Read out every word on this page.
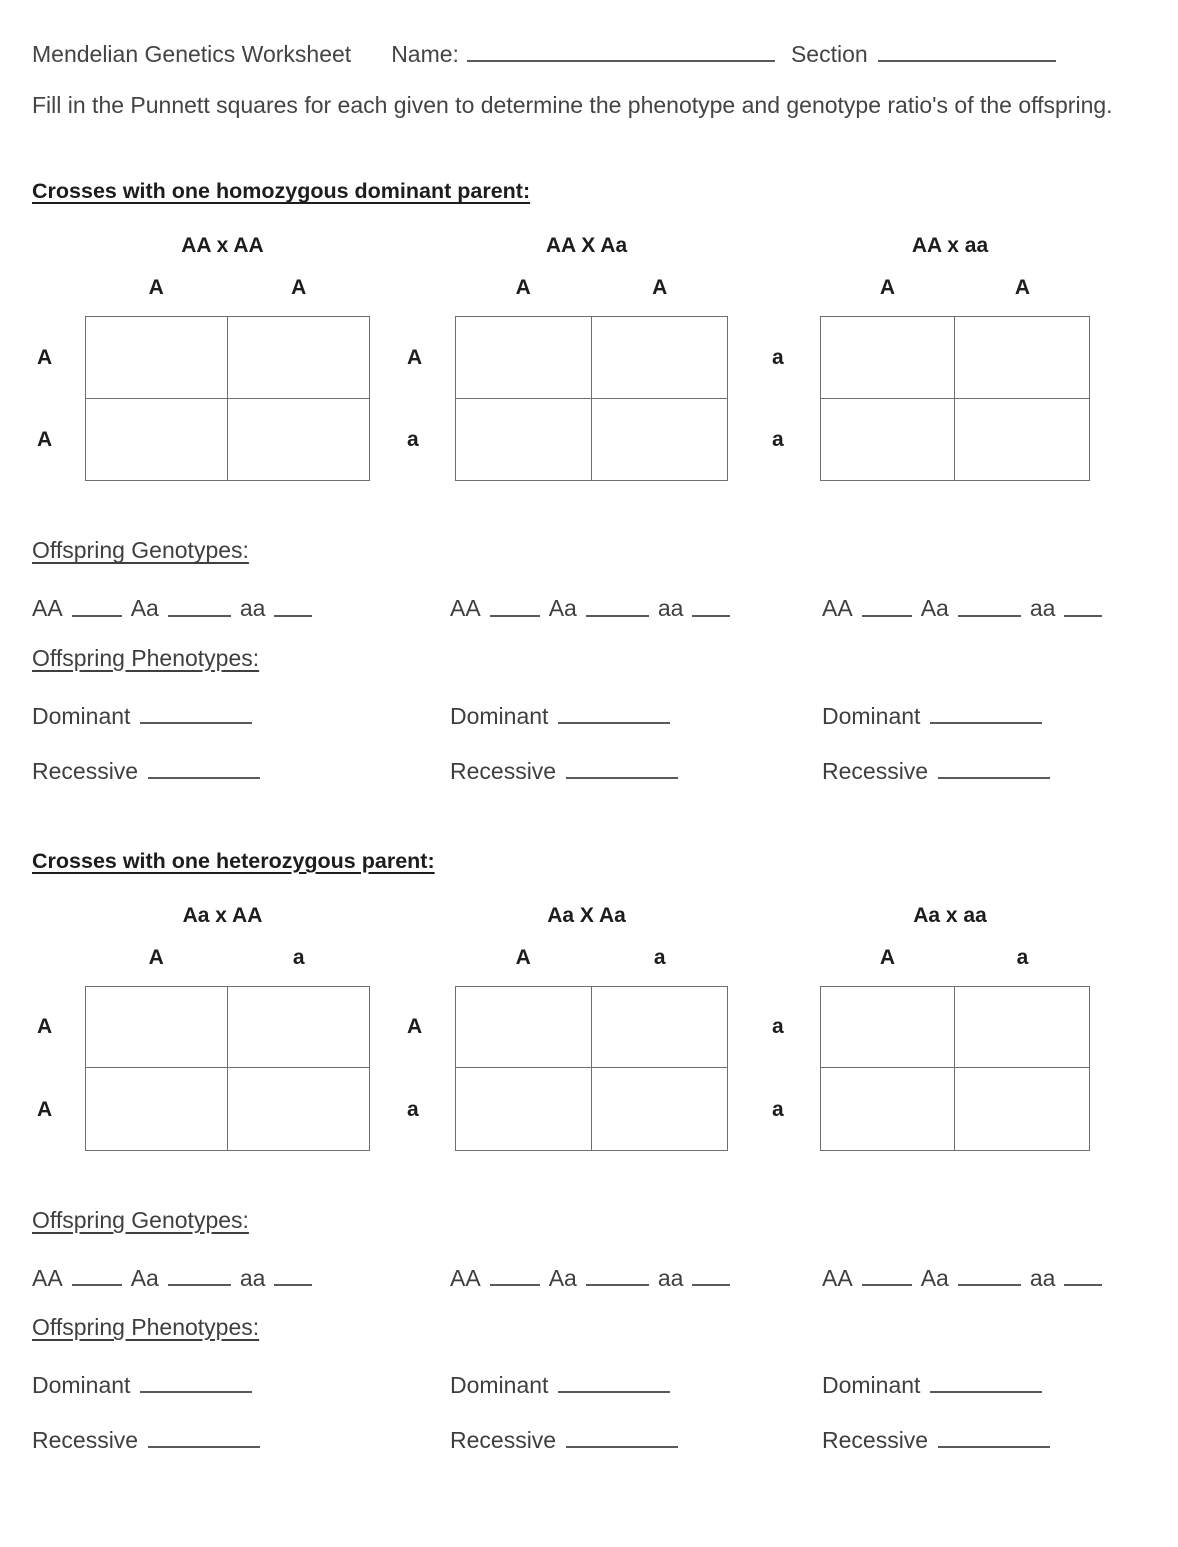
Mendelian Genetics Worksheet Name:	Section
Fill in the Punnett squares for each given to determine the phenotype and genotype ratio's of the offspring.
Crosses with one homozygous dominant parent:
AA x AA
A	A
A
A
AA X Aa
A	A
A
a
AA x aa
A	A
a
a
Offspring Genotypes:
AA	Aa	aa	AA	Aa	aa	AA	Aa	aa
Offspring Phenotypes:
Dominant	Dominant	Dominant
Recessive	Recessive	Recessive
Crosses with one heterozygous parent:
Aa x AA
A	a
A
A
Aa X Aa
A	a
A
a
Aa x aa
A	a
a
a
Offspring Genotypes:
AA	Aa	aa	AA	Aa	aa	AA	Aa	aa
Offspring Phenotypes:
Dominant	Dominant	Dominant
Recessive	Recessive	Recessive
